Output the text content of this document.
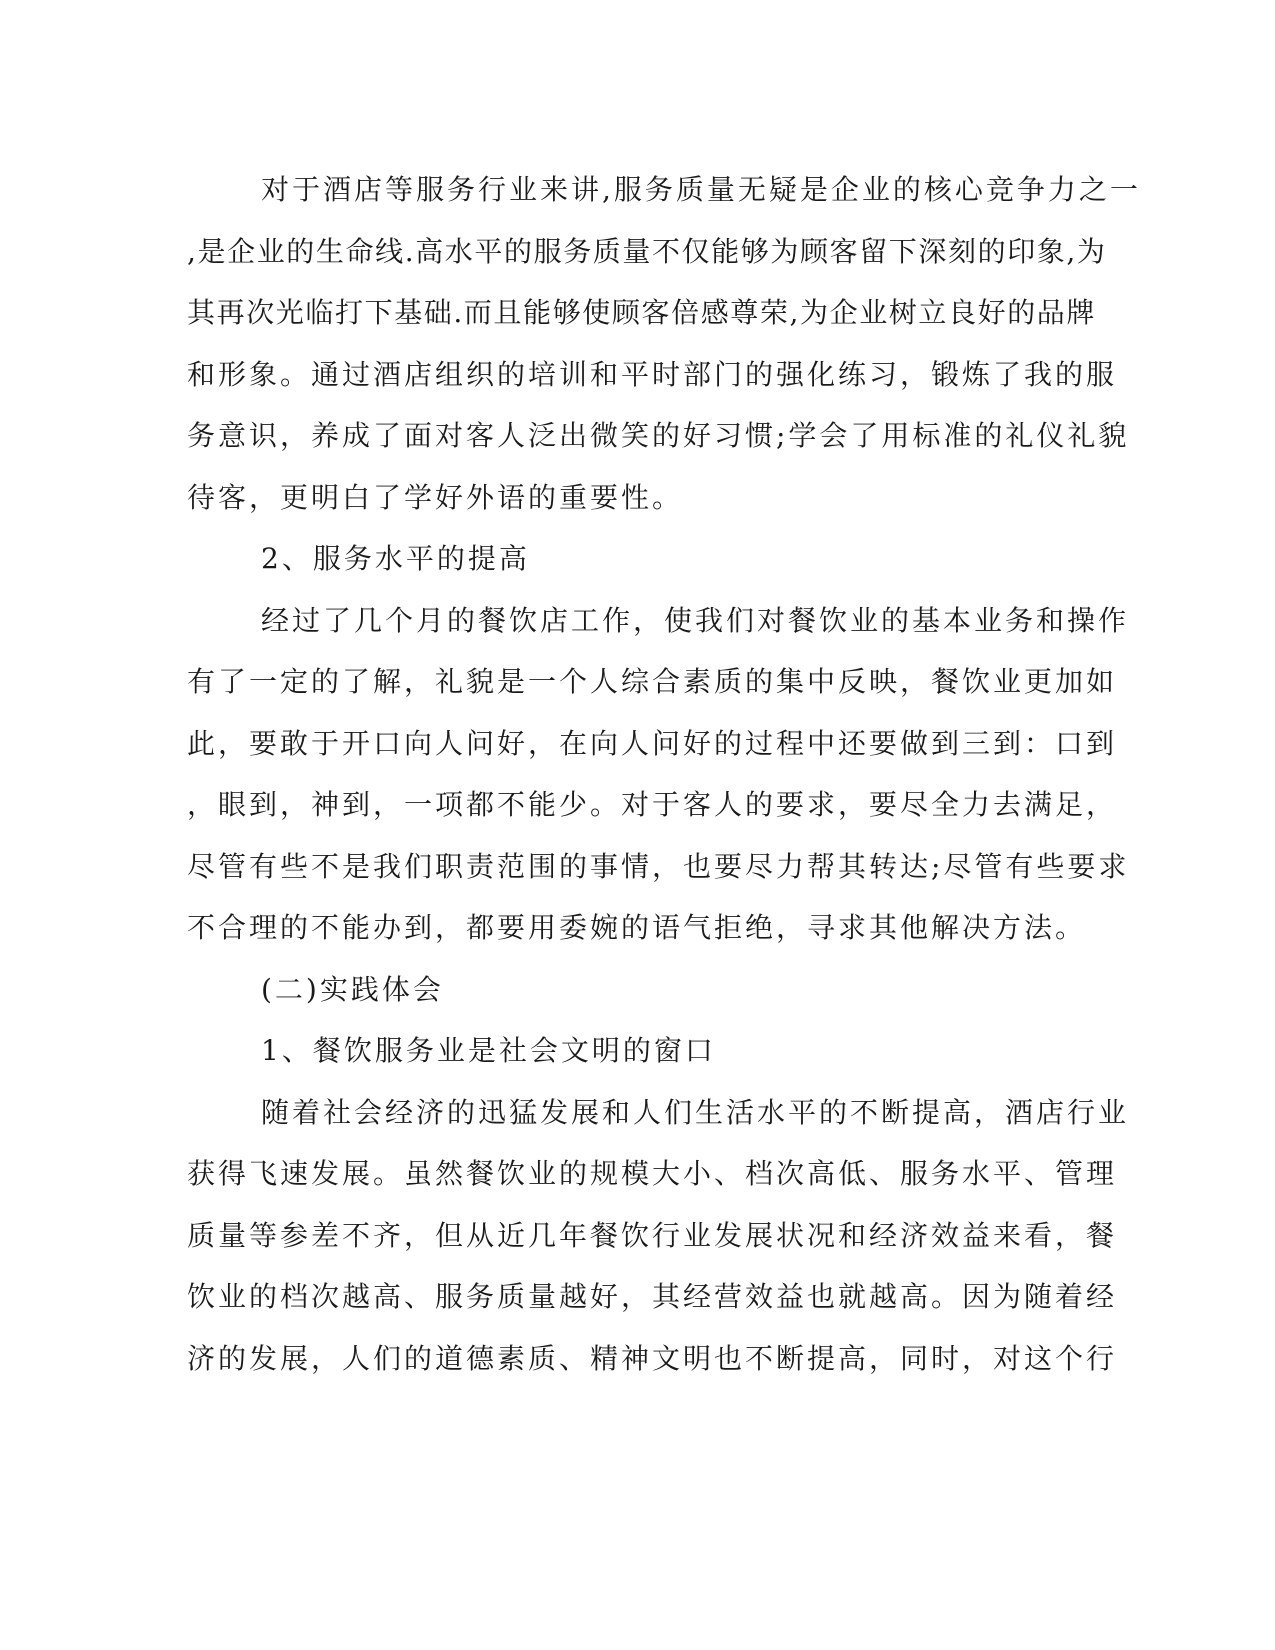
对于酒店等服务行业来讲,服务质量无疑是企业的核心竞争力之一
,是企业的生命线.高水平的服务质量不仅能够为顾客留下深刻的印象,为
其再次光临打下基础.而且能够使顾客倍感尊荣,为企业树立良好的品牌
和形象。通过酒店组织的培训和平时部门的强化练习，锻炼了我的服
务意识，养成了面对客人泛出微笑的好习惯;学会了用标准的礼仪礼貌
待客，更明白了学好外语的重要性。
2、服务水平的提高
经过了几个月的餐饮店工作，使我们对餐饮业的基本业务和操作
有了一定的了解，礼貌是一个人综合素质的集中反映，餐饮业更加如
此，要敢于开口向人问好，在向人问好的过程中还要做到三到：口到
，眼到，神到，一项都不能少。对于客人的要求，要尽全力去满足，
尽管有些不是我们职责范围的事情，也要尽力帮其转达;尽管有些要求
不合理的不能办到，都要用委婉的语气拒绝，寻求其他解决方法。
(二)实践体会
1、餐饮服务业是社会文明的窗口
随着社会经济的迅猛发展和人们生活水平的不断提高，酒店行业
获得飞速发展。虽然餐饮业的规模大小、档次高低、服务水平、管理
质量等参差不齐，但从近几年餐饮行业发展状况和经济效益来看，餐
饮业的档次越高、服务质量越好，其经营效益也就越高。因为随着经
济的发展，人们的道德素质、精神文明也不断提高，同时，对这个行
